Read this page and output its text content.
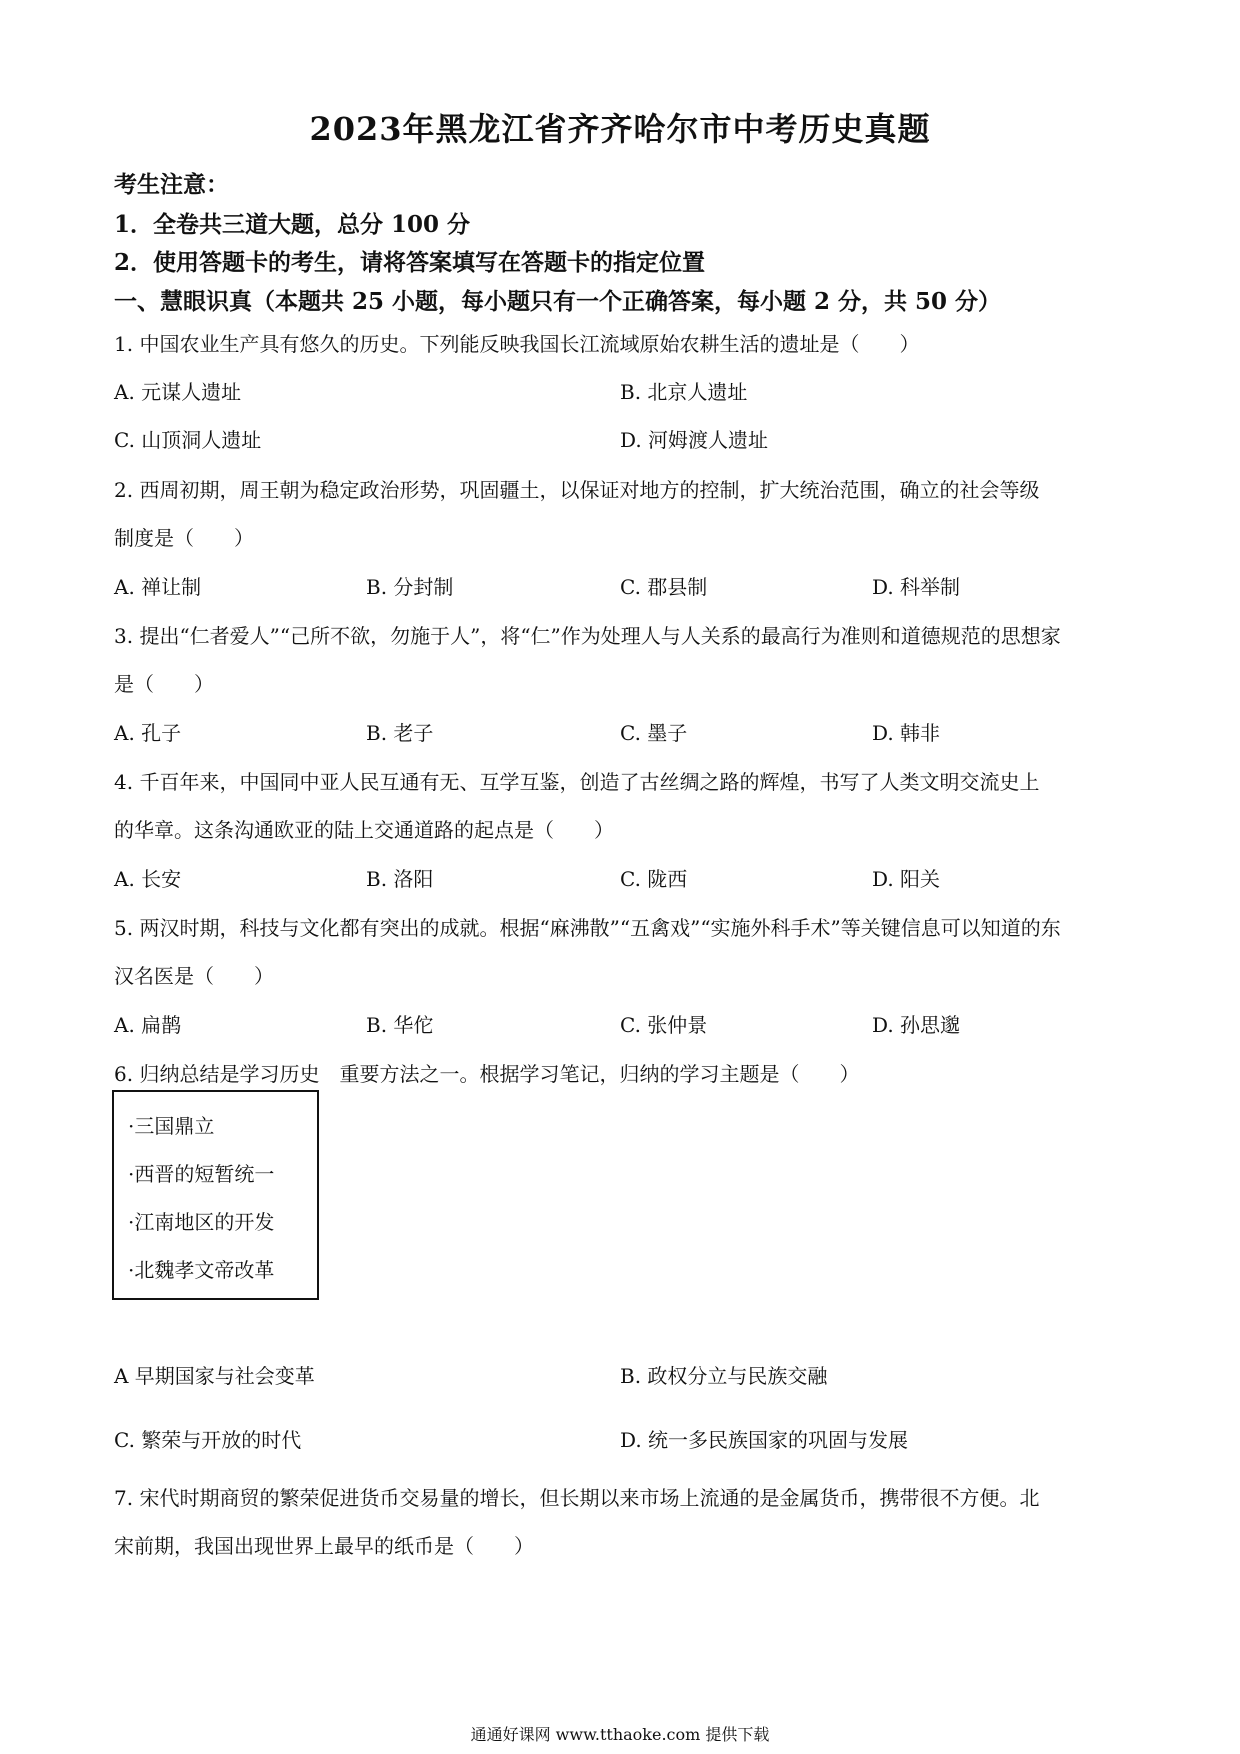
2023年黑龙江省齐齐哈尔市中考历史真题
考生注意：
1．全卷共三道大题，总分 100 分
2．使用答题卡的考生，请将答案填写在答题卡的指定位置
一、慧眼识真（本题共 25 小题，每小题只有一个正确答案，每小题 2 分，共 50 分）
1. 中国农业生产具有悠久的历史。下列能反映我国长江流域原始农耕生活的遗址是（　　）
A. 元谋人遗址	B. 北京人遗址
C. 山顶洞人遗址	D. 河姆渡人遗址
2. 西周初期，周王朝为稳定政治形势，巩固疆土，以保证对地方的控制，扩大统治范围，确立的社会等级
制度是（　　）
A. 禅让制	B. 分封制	C. 郡县制	D. 科举制
3. 提出“仁者爱人”“己所不欲，勿施于人”，将“仁”作为处理人与人关系的最高行为准则和道德规范的思想家
是（　　）
A. 孔子	B. 老子	C. 墨子	D. 韩非
4. 千百年来，中国同中亚人民互通有无、互学互鉴，创造了古丝绸之路的辉煌，书写了人类文明交流史上
的华章。这条沟通欧亚的陆上交通道路的起点是（　　）
A. 长安	B. 洛阳	C. 陇西	D. 阳关
5. 两汉时期，科技与文化都有突出的成就。根据“麻沸散”“五禽戏”“实施外科手术”等关键信息可以知道的东
汉名医是（　　）
A. 扁鹊	B. 华佗	C. 张仲景	D. 孙思邈
6. 归纳总结是学习历史　重要方法之一。根据学习笔记，归纳的学习主题是（　　）
·三国鼎立
·西晋的短暂统一
·江南地区的开发
·北魏孝文帝改革
A 早期国家与社会变革	B. 政权分立与民族交融
C. 繁荣与开放的时代	D. 统一多民族国家的巩固与发展
7. 宋代时期商贸的繁荣促进货币交易量的增长，但长期以来市场上流通的是金属货币，携带很不方便。北
宋前期，我国出现世界上最早的纸币是（　　）
通通好课网 www.tthaoke.com 提供下载
